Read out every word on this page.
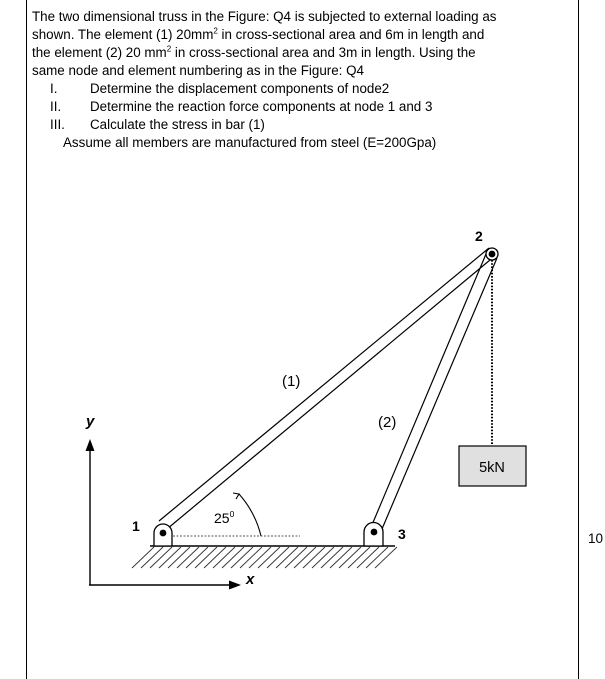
The two dimensional truss in the Figure: Q4 is subjected to external loading as
shown. The element (1) $20mm^2$ in cross-sectional area and 6m in length and
the element (2) 20 $mm^2$ in cross-sectional area and 3m in length. Using the
same node and element numbering as in the Figure: Q4

I. Determine the displacement components of node2
II. Determine the reaction force components at node 1 and 3
III. Calculate the stress in bar (1)

Assume all members are manufactured from steel (E=200Gpa)

5kN
$25^0$
1
2
3
(1)
(2)
y
x
10
